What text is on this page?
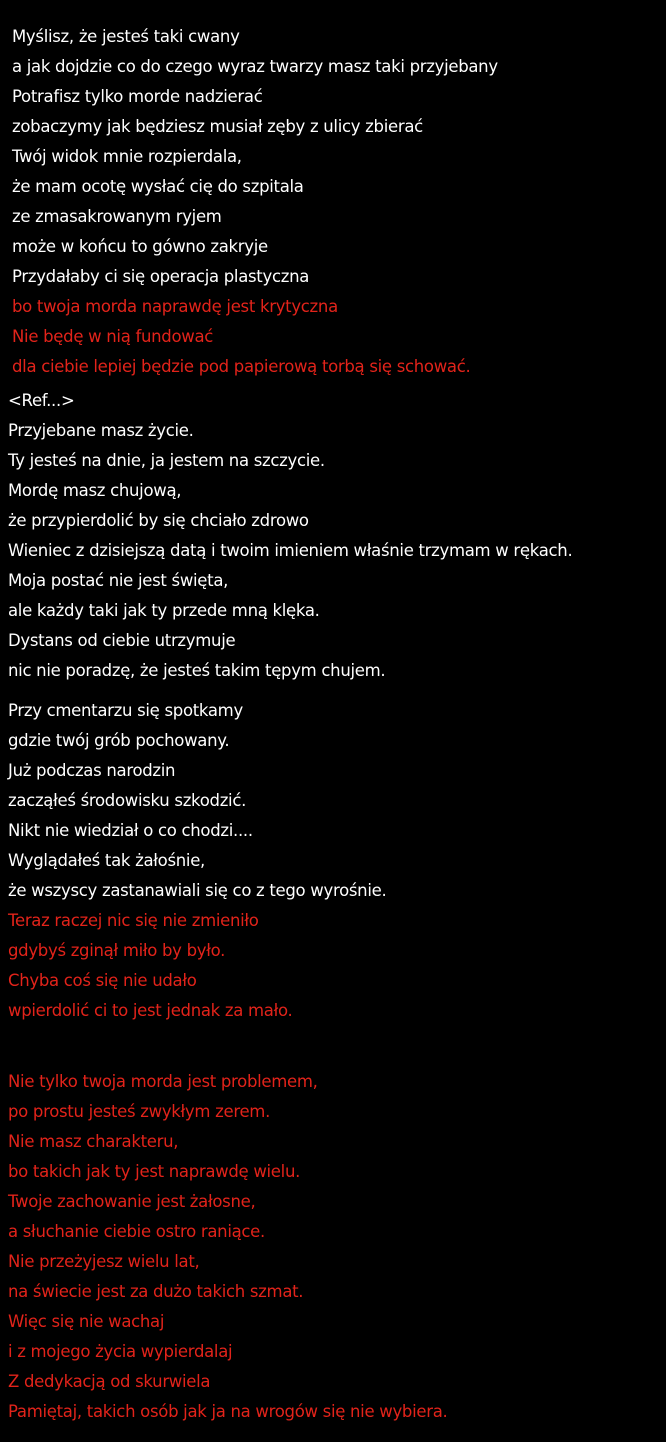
Myślisz, że jesteś taki cwany
a jak dojdzie co do czego wyraz twarzy masz taki przyjebany
Potrafisz tylko morde nadzierać
zobaczymy jak będziesz musiał zęby z ulicy zbierać
Twój widok mnie rozpierdala,
że mam ocotę wysłać cię do szpitala
ze zmasakrowanym ryjem
może w końcu to gówno zakryje
Przydałaby ci się operacja plastyczna
bo twoja morda naprawdę jest krytyczna
Nie będę w nią fundować
dla ciebie lepiej będzie pod papierową torbą się schować.
<Ref...>
Przyjebane masz życie.
Ty jesteś na dnie, ja jestem na szczycie.
Mordę masz chujową,
że przypierdolić by się chciało zdrowo
Wieniec z dzisiejszą datą i twoim imieniem właśnie trzymam w rękach.
Moja postać nie jest święta,
ale każdy taki jak ty przede mną klęka.
Dystans od ciebie utrzymuje
nic nie poradzę, że jesteś takim tępym chujem.
Przy cmentarzu się spotkamy
gdzie twój grób pochowany.
Już podczas narodzin
zacząłeś środowisku szkodzić.
Nikt nie wiedział o co chodzi....
Wyglądałeś tak żałośnie,
że wszyscy zastanawiali się co z tego wyrośnie.
Teraz raczej nic się nie zmieniło
gdybyś zginął miło by było.
Chyba coś się nie udało
wpierdolić ci to jest jednak za mało.
Nie tylko twoja morda jest problemem,
po prostu jesteś zwykłym zerem.
Nie masz charakteru,
bo takich jak ty jest naprawdę wielu.
Twoje zachowanie jest żałosne,
a słuchanie ciebie ostro raniące.
Nie przeżyjesz wielu lat,
na świecie jest za dużo takich szmat.
Więc się nie wachaj
i z mojego życia wypierdalaj
Z dedykacją od skurwiela
Pamiętaj, takich osób jak ja na wrogów się nie wybiera.
